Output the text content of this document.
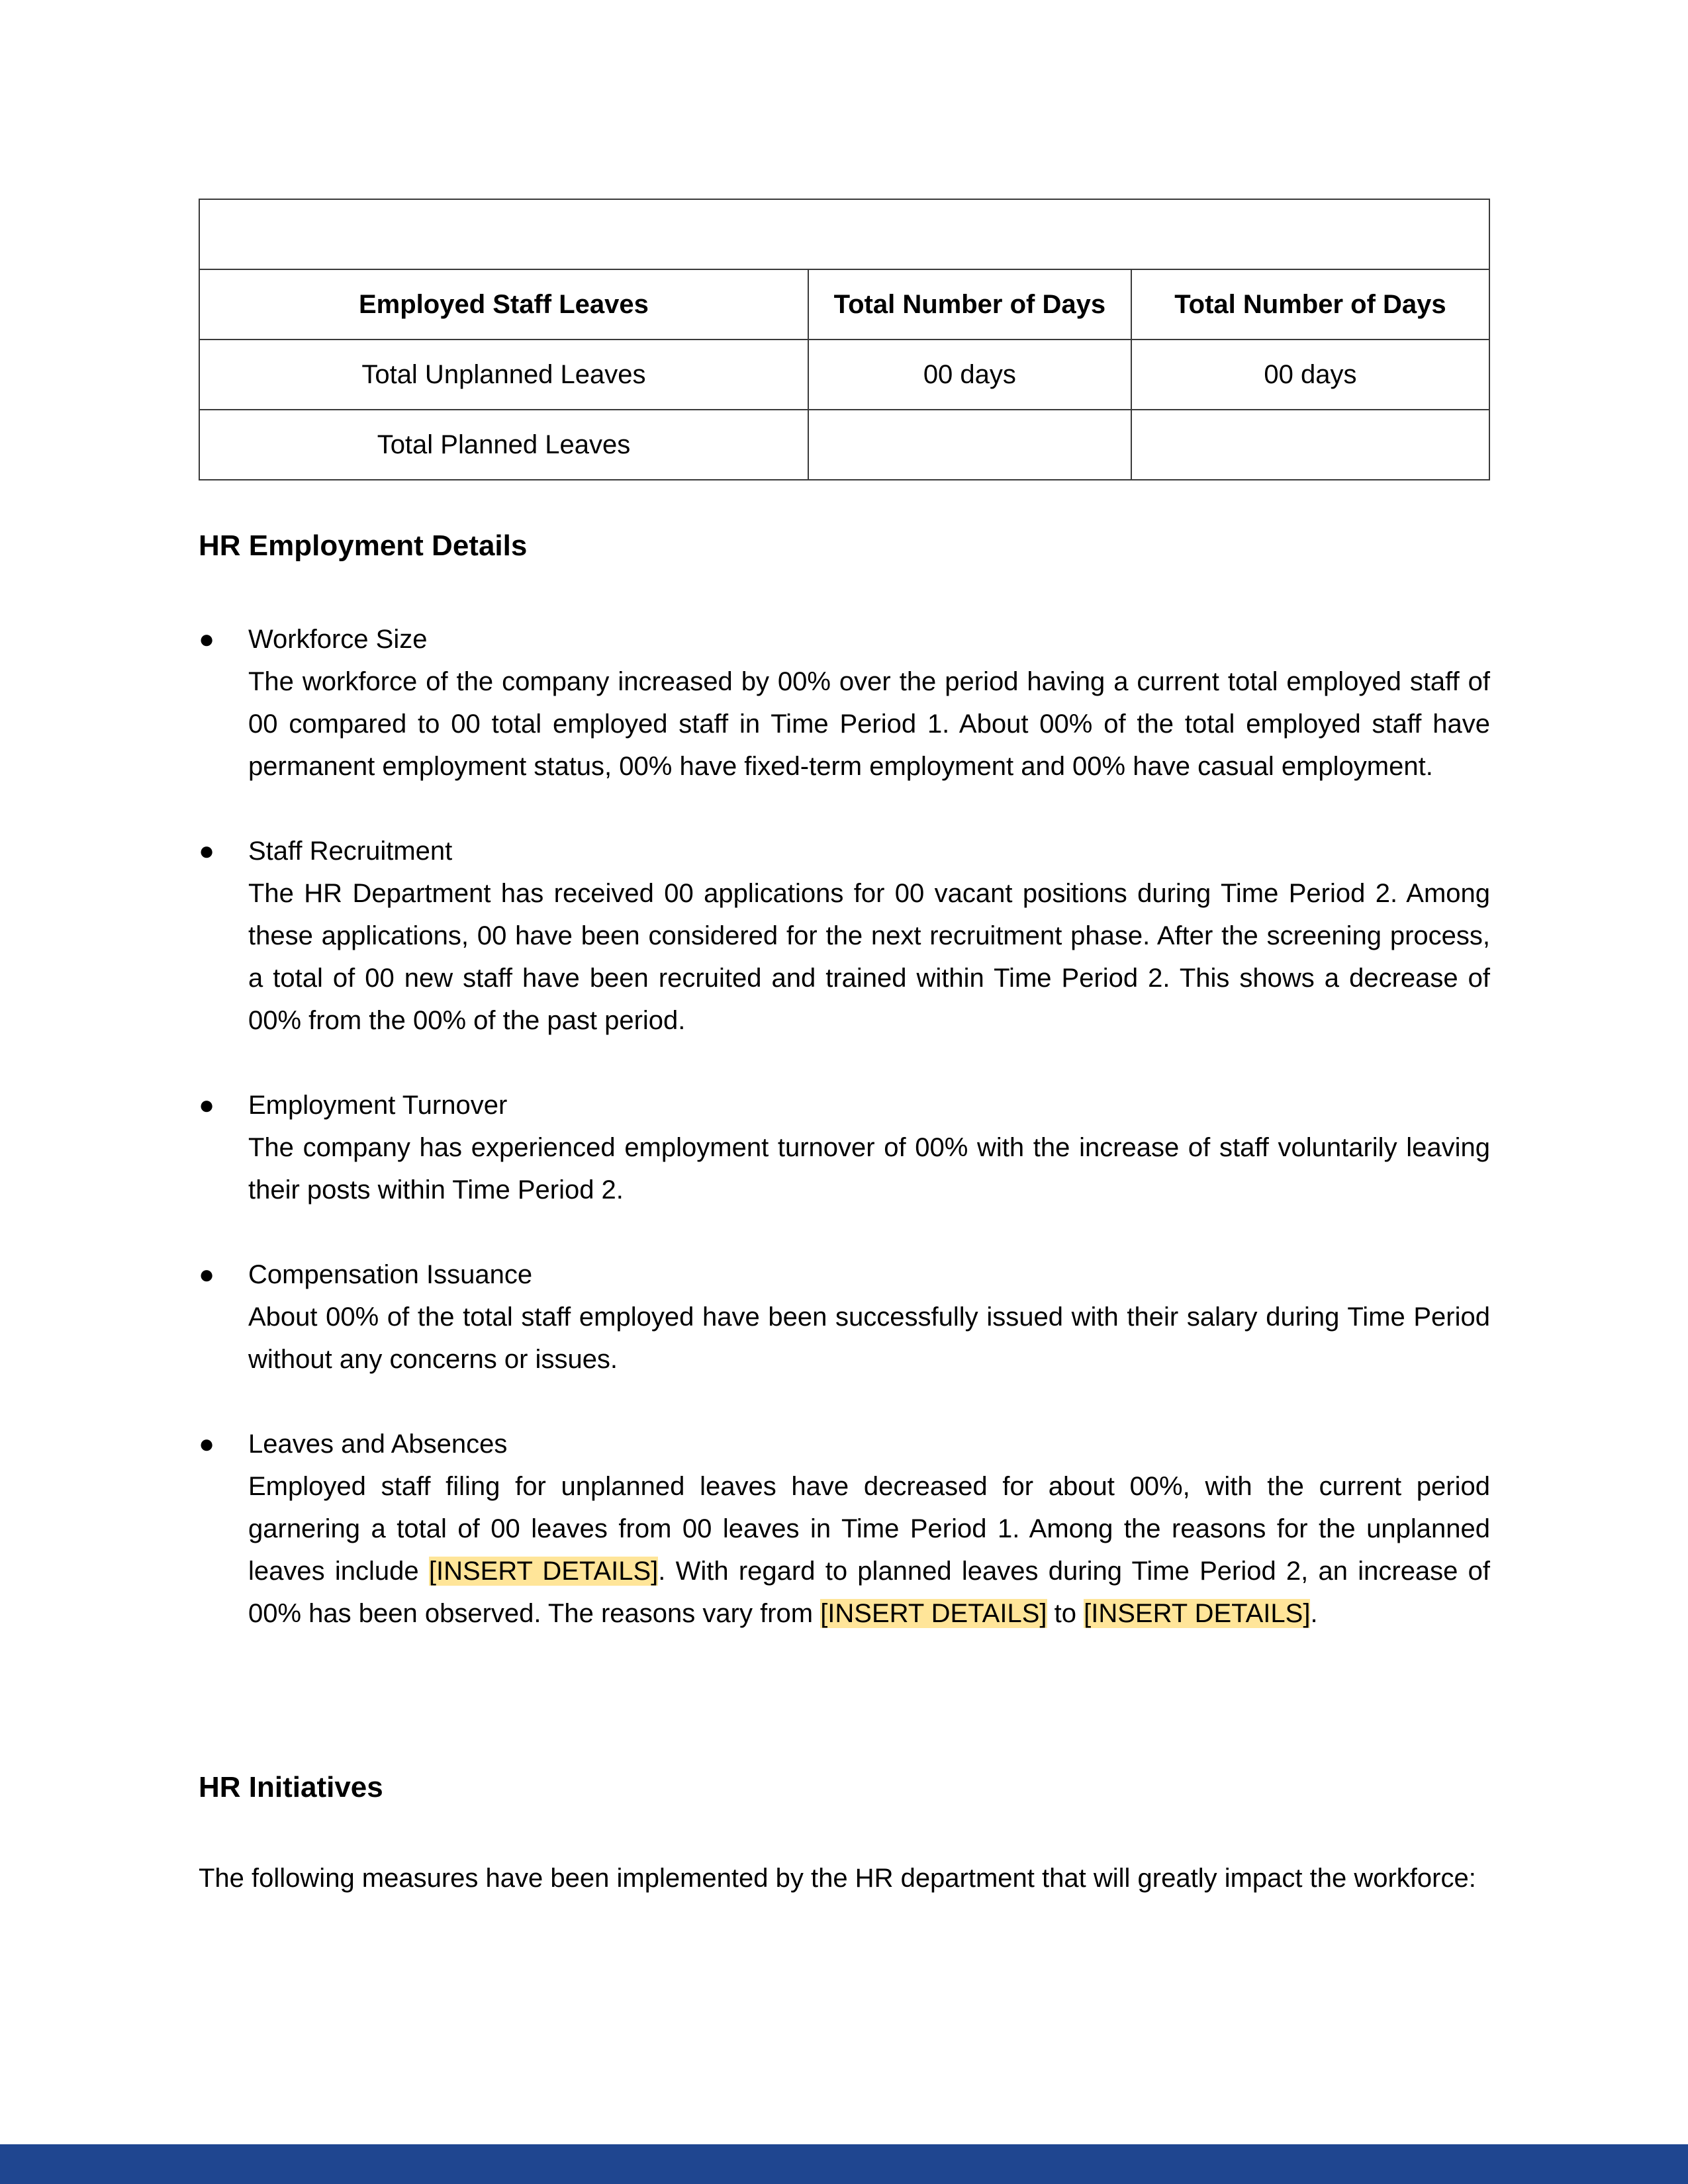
Employed Staff Leaves	Total Number of Days	Total Number of Days
Total Unplanned Leaves	00 days	00 days
Total Planned Leaves		
HR Employment Details
● Workforce Size

The workforce of the company increased by 00% over the period having a current total employed staff of 00 compared to 00 total employed staff in Time Period 1. About 00% of the total employed staff have permanent employment status, 00% have fixed-term employment and 00% have casual employment.

● Staff Recruitment

The HR Department has received 00 applications for 00 vacant positions during Time Period 2. Among these applications, 00 have been considered for the next recruitment phase. After the screening process, a total of 00 new staff have been recruited and trained within Time Period 2. This shows a decrease of 00% from the 00% of the past period.

● Employment Turnover

The company has experienced employment turnover of 00% with the increase of staff voluntarily leaving their posts within Time Period 2.

● Compensation Issuance

About 00% of the total staff employed have been successfully issued with their salary during Time Period without any concerns or issues.

● Leaves and Absences

Employed staff filing for unplanned leaves have decreased for about 00%, with the current period garnering a total of 00 leaves from 00 leaves in Time Period 1. Among the reasons for the unplanned leaves include [INSERT DETAILS]. With regard to planned leaves during Time Period 2, an increase of 00% has been observed. The reasons vary from [INSERT DETAILS] to [INSERT DETAILS].

HR Initiatives

The following measures have been implemented by the HR department that will greatly impact the workforce:
